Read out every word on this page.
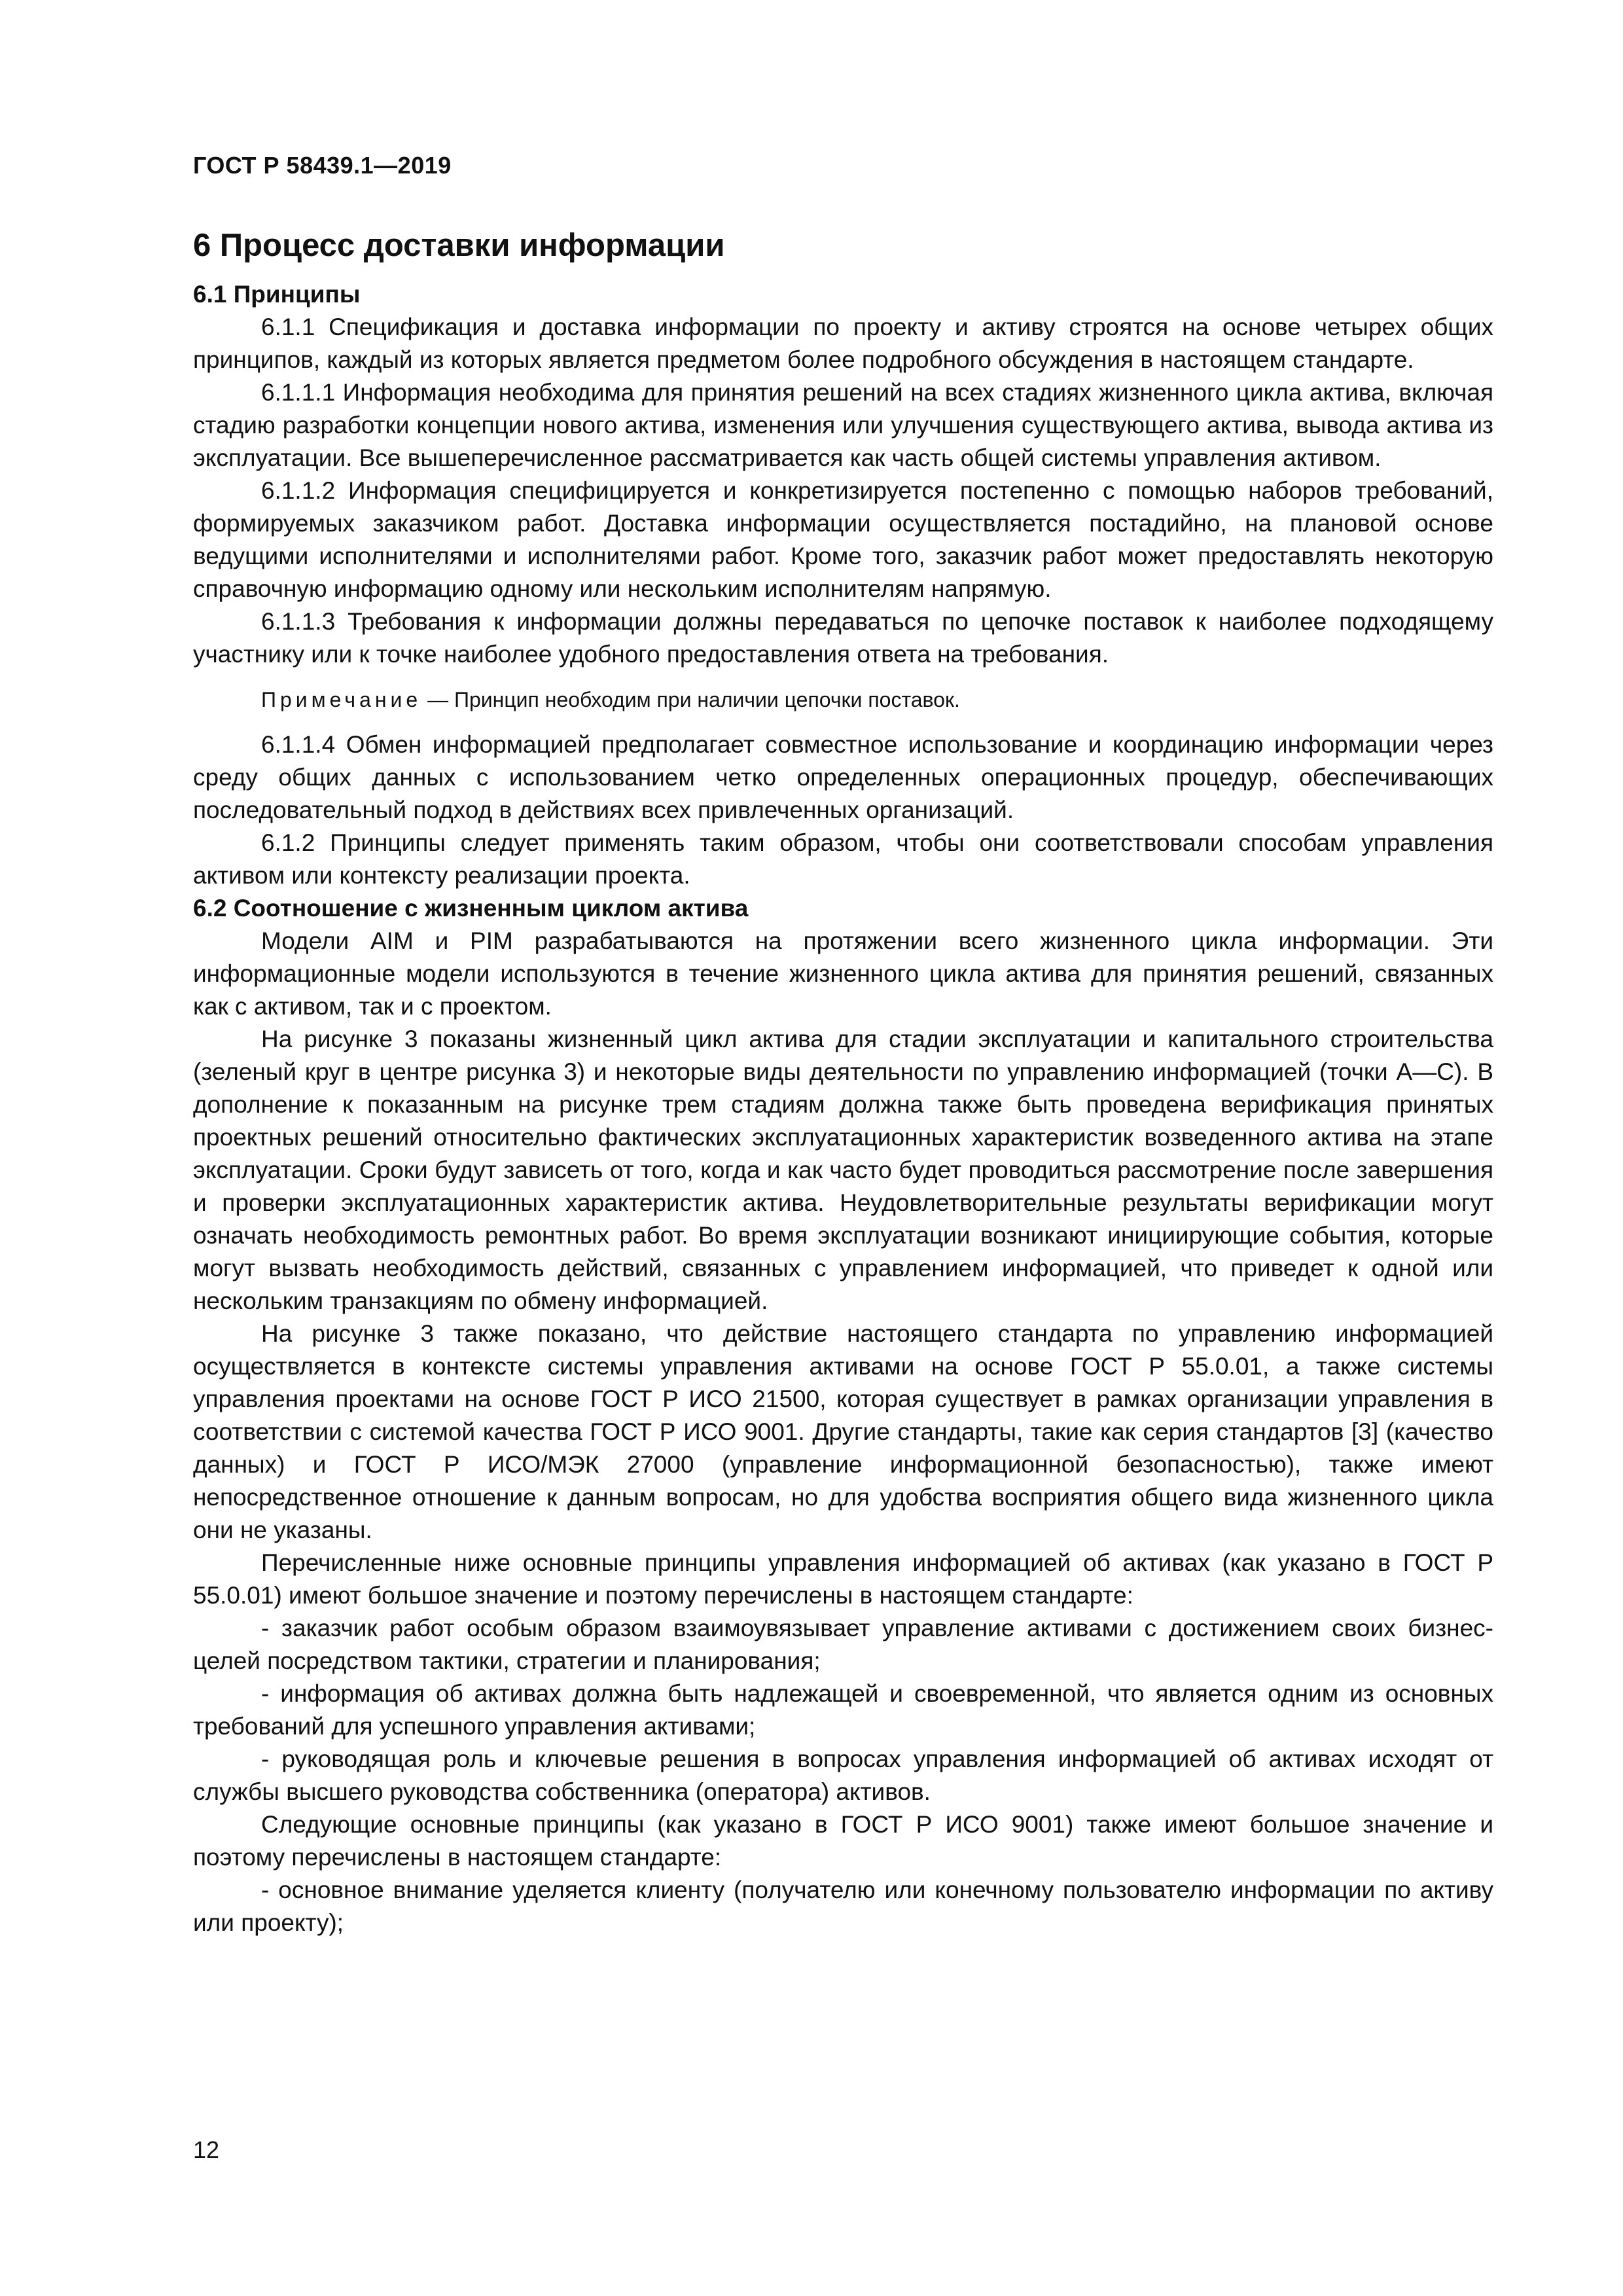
ГОСТ Р 58439.1—2019

6 Процесс доставки информации

6.1 Принципы

6.1.1 Спецификация и доставка информации по проекту и активу строятся на основе четырех общих принципов, каждый из которых является предметом более подробного обсуждения в настоящем стандарте.

6.1.1.1 Информация необходима для принятия решений на всех стадиях жизненного цикла актива, включая стадию разработки концепции нового актива, изменения или улучшения существующего актива, вывода актива из эксплуатации. Все вышеперечисленное рассматривается как часть общей системы управления активом.

6.1.1.2 Информация специфицируется и конкретизируется постепенно с помощью наборов требований, формируемых заказчиком работ. Доставка информации осуществляется постадийно, на плановой основе ведущими исполнителями и исполнителями работ. Кроме того, заказчик работ может предоставлять некоторую справочную информацию одному или нескольким исполнителям напрямую.

6.1.1.3 Требования к информации должны передаваться по цепочке поставок к наиболее подходящему участнику или к точке наиболее удобного предоставления ответа на требования.

Примечание — Принцип необходим при наличии цепочки поставок.

6.1.1.4 Обмен информацией предполагает совместное использование и координацию информации через среду общих данных с использованием четко определенных операционных процедур, обеспечивающих последовательный подход в действиях всех привлеченных организаций.

6.1.2 Принципы следует применять таким образом, чтобы они соответствовали способам управления активом или контексту реализации проекта.

6.2 Соотношение с жизненным циклом актива

Модели AIM и PIM разрабатываются на протяжении всего жизненного цикла информации. Эти информационные модели используются в течение жизненного цикла актива для принятия решений, связанных как с активом, так и с проектом.

На рисунке 3 показаны жизненный цикл актива для стадии эксплуатации и капитального строительства (зеленый круг в центре рисунка 3) и некоторые виды деятельности по управлению информацией (точки А—С). В дополнение к показанным на рисунке трем стадиям должна также быть проведена верификация принятых проектных решений относительно фактических эксплуатационных характеристик возведенного актива на этапе эксплуатации. Сроки будут зависеть от того, когда и как часто будет проводиться рассмотрение после завершения и проверки эксплуатационных характеристик актива. Неудовлетворительные результаты верификации могут означать необходимость ремонтных работ. Во время эксплуатации возникают инициирующие события, которые могут вызвать необходимость действий, связанных с управлением информацией, что приведет к одной или нескольким транзакциям по обмену информацией.

На рисунке 3 также показано, что действие настоящего стандарта по управлению информацией осуществляется в контексте системы управления активами на основе ГОСТ Р 55.0.01, а также системы управления проектами на основе ГОСТ Р ИСО 21500, которая существует в рамках организации управления в соответствии с системой качества ГОСТ Р ИСО 9001. Другие стандарты, такие как серия стандартов [3] (качество данных) и ГОСТ Р ИСО/МЭК 27000 (управление информационной безопасностью), также имеют непосредственное отношение к данным вопросам, но для удобства восприятия общего вида жизненного цикла они не указаны.

Перечисленные ниже основные принципы управления информацией об активах (как указано в ГОСТ Р 55.0.01) имеют большое значение и поэтому перечислены в настоящем стандарте:

- заказчик работ особым образом взаимоувязывает управление активами с достижением своих бизнес-целей посредством тактики, стратегии и планирования;

- информация об активах должна быть надлежащей и своевременной, что является одним из основных требований для успешного управления активами;

- руководящая роль и ключевые решения в вопросах управления информацией об активах исходят от службы высшего руководства собственника (оператора) активов.

Следующие основные принципы (как указано в ГОСТ Р ИСО 9001) также имеют большое значение и поэтому перечислены в настоящем стандарте:

- основное внимание уделяется клиенту (получателю или конечному пользователю информации по активу или проекту);

12
